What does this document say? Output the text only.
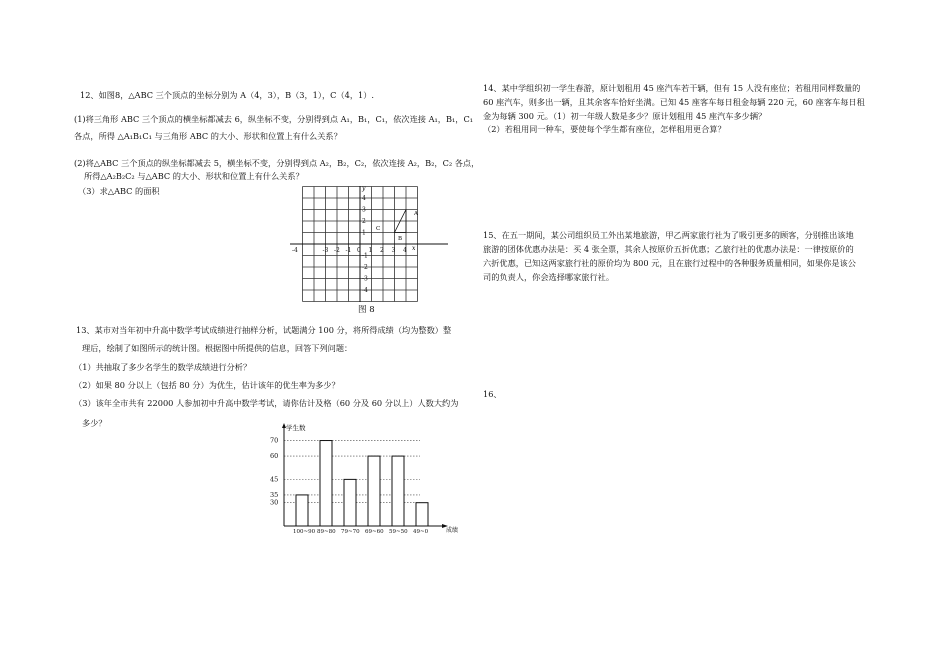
12、如图8，△ABC 三个顶点的坐标分别为 A（4，3），B（3，1），C（4，1）.
(1)将三角形 ABC 三个顶点的横坐标都减去 6，纵坐标不变，分别得到点 A₁，B₁，C₁，依次连接 A₁，B₁，C₁
各点，所得 △A₁B₁C₁ 与三角形 ABC 的大小、形状和位置上有什么关系？
(2)将△ABC 三个顶点的纵坐标都减去 5，横坐标不变，分别得到点 A₂，B₂，C₂，依次连接 A₂，B₂，C₂ 各点，
所得△A₂B₂C₂ 与△ABC 的大小、形状和位置上有什么关系？
（3）求△ABC 的面积
-4	-3 -2 -1 0 1 2 3 4
4
3
2
1
-1
-2
-3
-4
x
y
A
B
C
图 8
13、某市对当年初中升高中数学考试成绩进行抽样分析，试题满分 100 分，将所得成绩（均为整数）整
理后，绘制了如图所示的统计图。根据图中所提供的信息，回答下列问题：
（1）共抽取了多少名学生的数学成绩进行分析？
（2）如果 80 分以上（包括 80 分）为优生，估计该年的优生率为多少？
（3）该年全市共有 22000 人参加初中升高中数学考试，请你估计及格（60 分及 60 分以上）人数大约为
多少？
30
35
45
60
70
100~90 89~80 79~70 69~60 59~50 49~0
学生数
成绩
14、某中学组织初一学生春游，原计划租用 45 座汽车若干辆，但有 15 人没有座位；若租用同样数量的
60 座汽车，则多出一辆，且其余客车恰好坐满。已知 45 座客车每日租金每辆 220 元，60 座客车每日租
金为每辆 300 元。（1）初一年级人数是多少？原计划租用 45 座汽车多少辆？
（2）若租用同一种车，要使每个学生都有座位，怎样租用更合算？
15、在五一期间，某公司组织员工外出某地旅游，甲乙两家旅行社为了吸引更多的顾客，分别推出该地
旅游的团体优惠办法是：买 4 张全票，其余人按原价五折优惠；乙旅行社的优惠办法是：一律按原价的
六折优惠，已知这两家旅行社的原价均为 800 元，且在旅行过程中的各种服务质量相同，如果你是该公
司的负责人，你会选择哪家旅行社。
16、
